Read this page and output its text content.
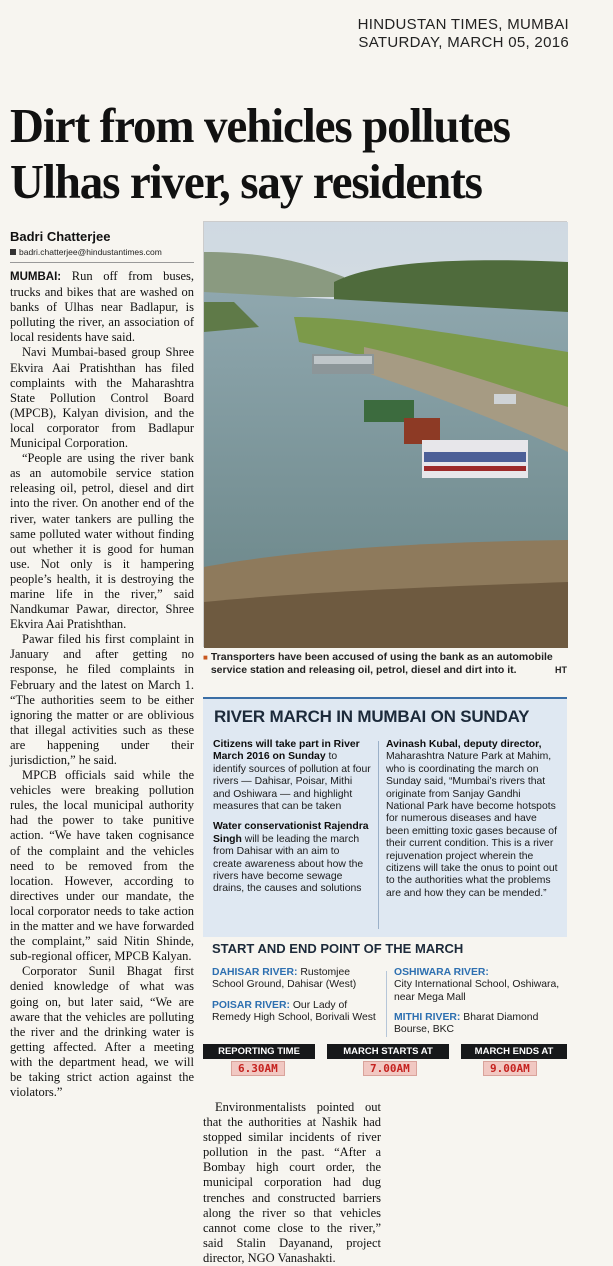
HINDUSTAN TIMES, MUMBAI
SATURDAY, MARCH 05, 2016
Dirt from vehicles pollutes Ulhas river, say residents
Badri Chatterjee
badri.chatterjee@hindustantimes.com

MUMBAI: Run off from buses, trucks and bikes that are washed on banks of Ulhas near Badlapur, is polluting the river, an association of local residents have said.

Navi Mumbai-based group Shree Ekvira Aai Pratishthan has filed complaints with the Maharashtra State Pollution Control Board (MPCB), Kalyan division, and the local corporator from Badlapur Municipal Corporation.

“People are using the river bank as an automobile service station releasing oil, petrol, diesel and dirt into the river. On another end of the river, water tankers are pulling the same polluted water without finding out whether it is good for human use. Not only is it hampering people’s health, it is destroying the marine life in the river,” said Nandkumar Pawar, director, Shree Ekvira Aai Pratishthan.

Pawar filed his first complaint in January and after getting no response, he filed complaints in February and the latest on March 1. “The authorities seem to be either ignoring the matter or are oblivious that illegal activities such as these are happening under their jurisdiction,” he said.

MPCB officials said while the vehicles were breaking pollution rules, the local municipal authority had the power to take punitive action. “We have taken cognisance of the complaint and the vehicles need to be removed from the location. However, according to directives under our mandate, the local corporator needs to take action in the matter and we have forwarded the complaint,” said Nitin Shinde, sub-regional officer, MPCB Kalyan.

Corporator Sunil Bhagat first denied knowledge of what was going on, but later said, “We are aware that the vehicles are polluting the river and the drinking water is getting affected. After a meeting with the department head, we will be taking strict action against the violators.”

■ Transporters have been accused of using the bank as an automobile service station and releasing oil, petrol, diesel and dirt into it.	HT
RIVER MARCH IN MUMBAI ON SUNDAY
Citizens will take part in River March 2016 on Sunday to identify sources of pollution at four rivers — Dahisar, Poisar, Mithi and Oshiwara — and highlight measures that can be taken
Water conservationist Rajendra Singh will be leading the march from Dahisar with an aim to create awareness about how the rivers have become sewage drains, the causes and solutions
Avinash Kubal, deputy director, Maharashtra Nature Park at Mahim, who is coordinating the march on Sunday said, “Mumbai’s rivers that originate from Sanjay Gandhi National Park have become hotspots for numerous diseases and have been emitting toxic gases because of their current condition. This is a river rejuvenation project wherein the citizens will take the onus to point out to the authorities what the problems are and how they can be mended.”
START AND END POINT OF THE MARCH
DAHISAR RIVER: Rustomjee School Ground, Dahisar (West)
POISAR RIVER: Our Lady of Remedy High School, Borivali West
OSHIWARA RIVER:
City International School, Oshiwara, near Mega Mall
MITHI RIVER: Bharat Diamond Bourse, BKC
REPORTING TIME	MARCH STARTS AT	MARCH ENDS AT
6.30AM	7.00AM	9.00AM

Environmentalists pointed out that the authorities at Nashik had stopped similar incidents of river pollution in the past. “After a Bombay high court order, the municipal corporation had dug trenches and constructed barriers along the river so that vehicles cannot come close to the river,” said Stalin Dayanand, project director, NGO Vanashakti.
